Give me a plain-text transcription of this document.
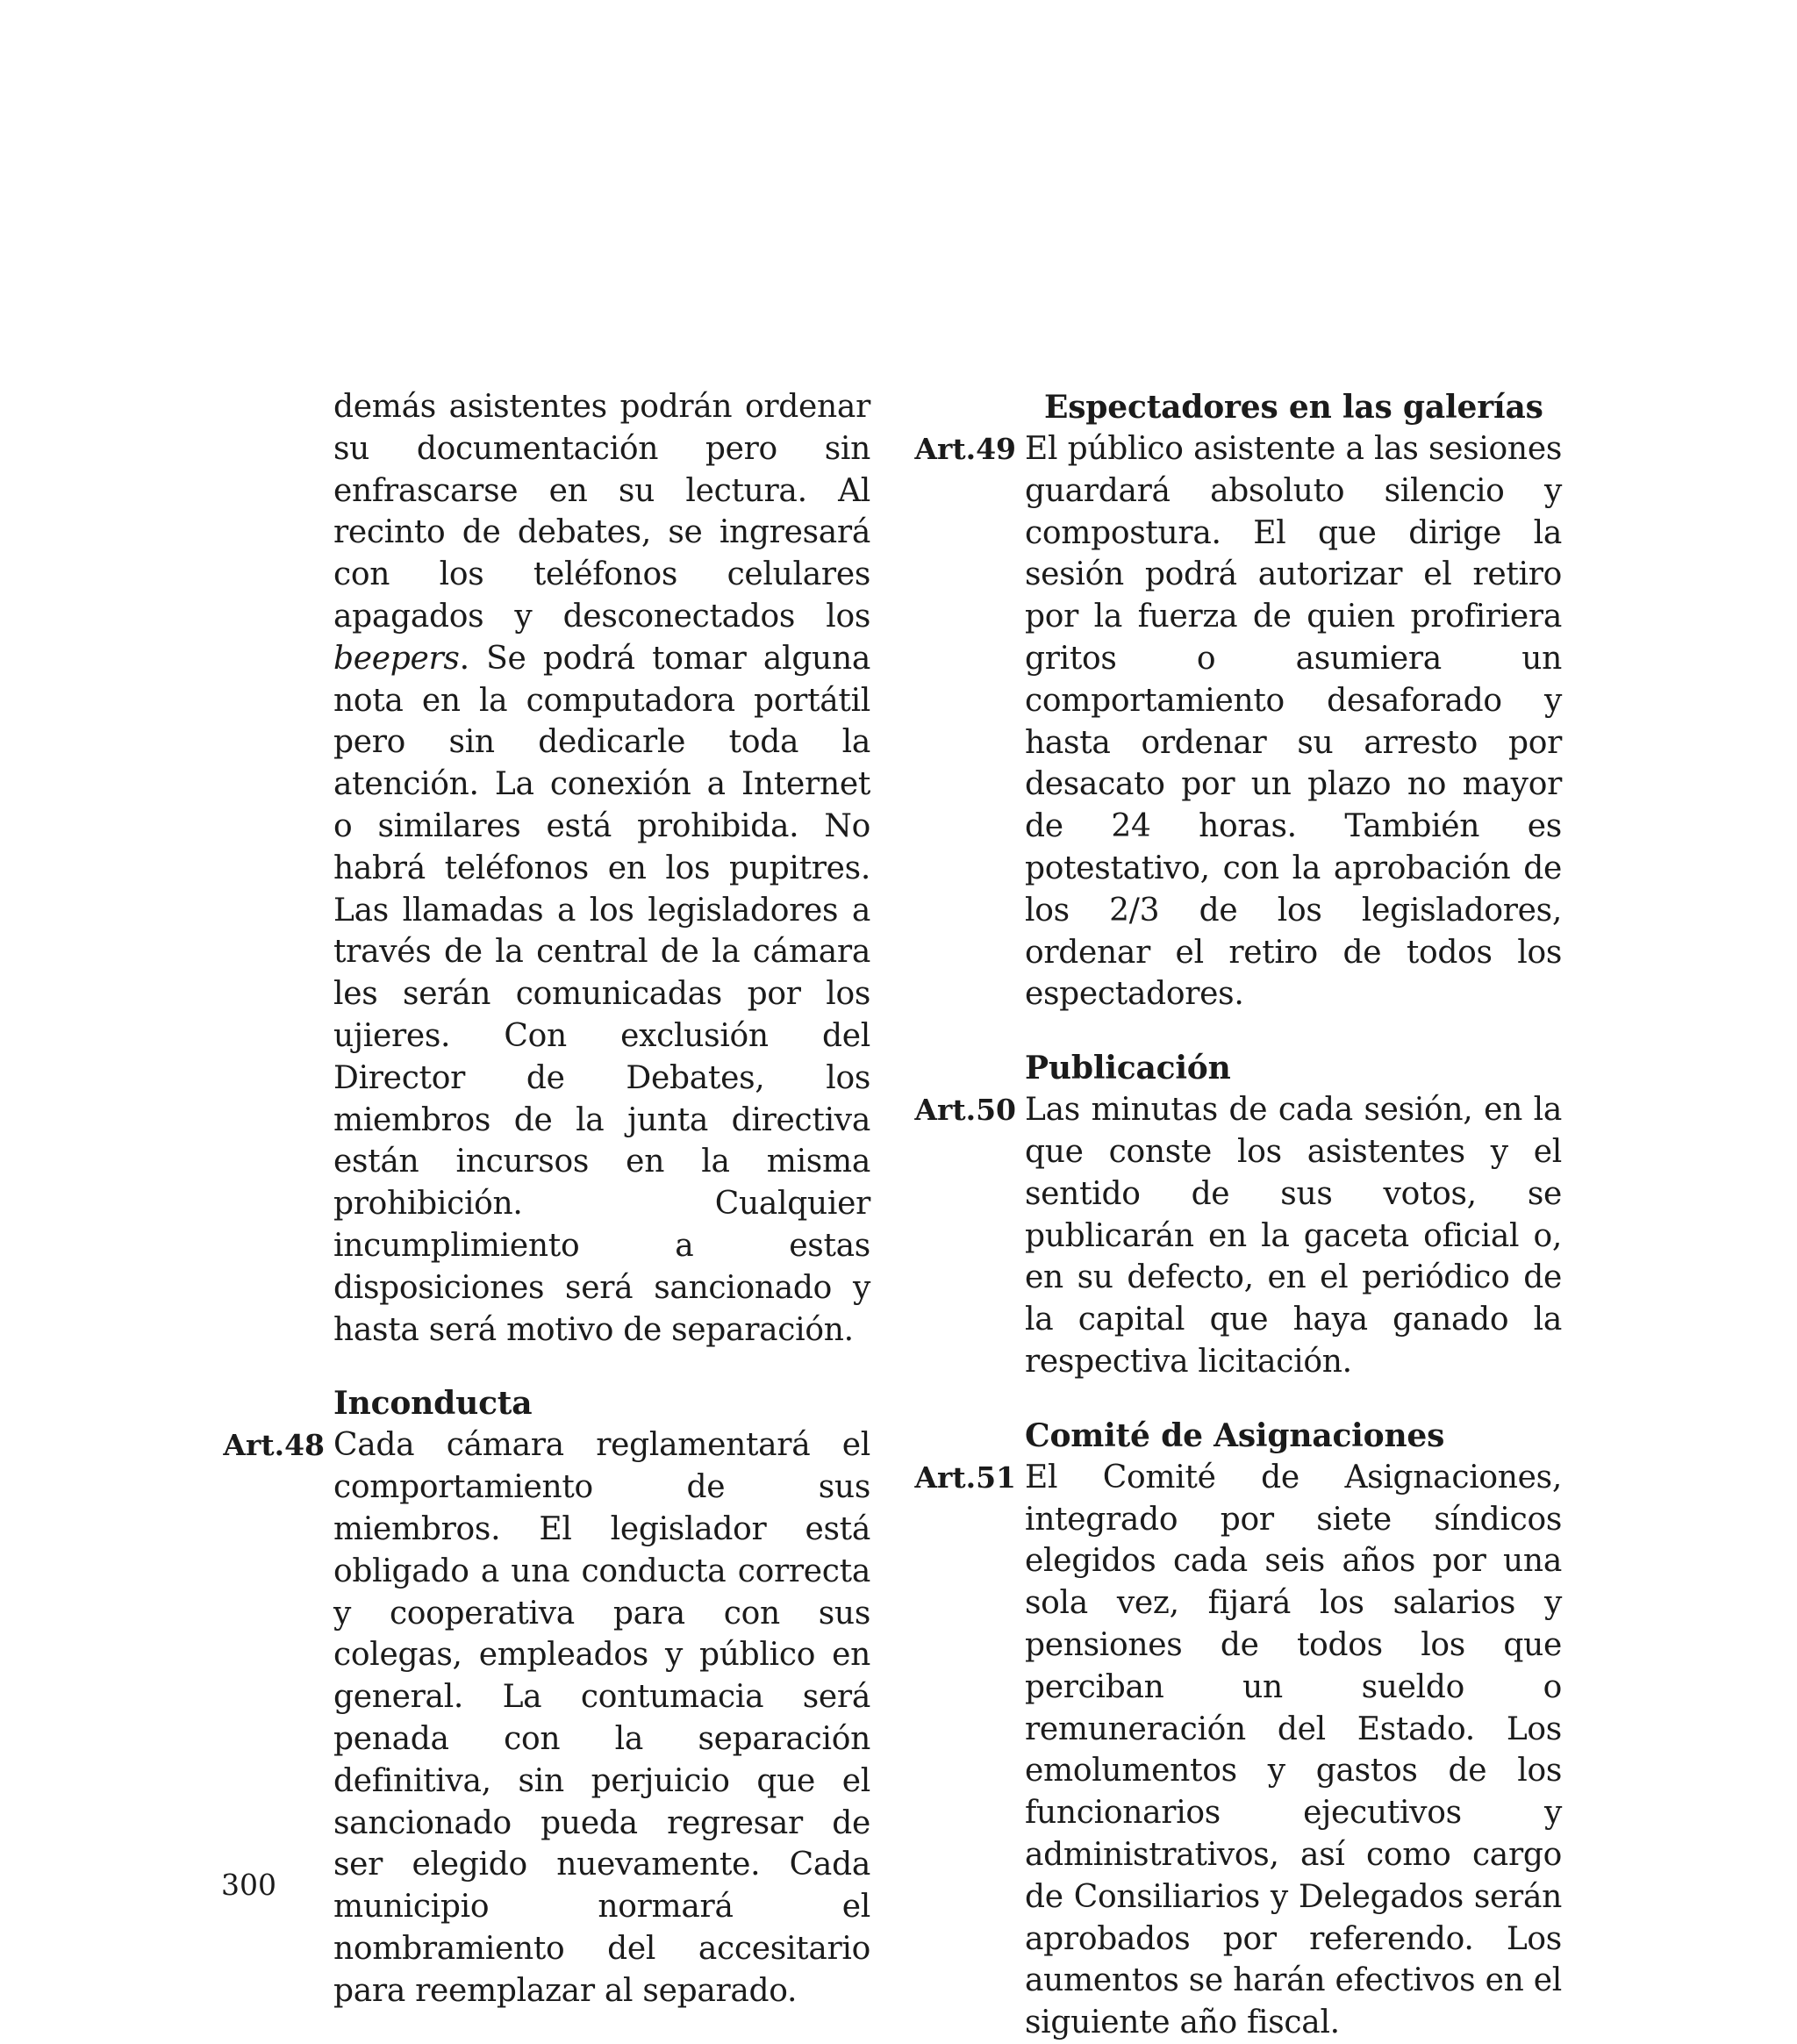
demás asistentes podrán ordenar su documentación pero sin enfrascarse en su lectura. Al recinto de debates, se ingresará con los teléfonos celulares apagados y desconectados los beepers. Se podrá tomar alguna nota en la computadora portátil pero sin dedicarle toda la atención. La conexión a Internet o similares está prohibida. No habrá teléfonos en los pupitres. Las llamadas a los legisladores a través de la central de la cámara les serán comunicadas por los ujieres. Con exclusión del Director de Debates, los miembros de la junta directiva están incursos en la misma prohibición. Cualquier incumplimiento a estas disposiciones será sancionado y hasta será motivo de separación.

Inconducta
Art.48 Cada cámara reglamentará el comportamiento de sus miembros. El legislador está obligado a una conducta correcta y cooperativa para con sus colegas, empleados y público en general. La contumacia será penada con la separación definitiva, sin perjuicio que el sancionado pueda regresar de ser elegido nuevamente. Cada municipio normará el nombramiento del accesitario para reemplazar al separado.

Espectadores en las galerías
Art.49 El público asistente a las sesiones guardará absoluto silencio y compostura. El que dirige la sesión podrá autorizar el retiro por la fuerza de quien profiriera gritos o asumiera un comportamiento desaforado y hasta ordenar su arresto por desacato por un plazo no mayor de 24 horas. También es potestativo, con la aprobación de los 2/3 de los legisladores, ordenar el retiro de todos los espectadores.

Publicación
Art.50 Las minutas de cada sesión, en la que conste los asistentes y el sentido de sus votos, se publicarán en la gaceta oficial o, en su defecto, en el periódico de la capital que haya ganado la respectiva licitación.

Comité de Asignaciones
Art.51 El Comité de Asignaciones, integrado por siete síndicos elegidos cada seis años por una sola vez, fijará los salarios y pensiones de todos los que perciban un sueldo o remuneración del Estado. Los emolumentos y gastos de los funcionarios ejecutivos y administrativos, así como cargo de Consiliarios y Delegados serán aprobados por referendo. Los aumentos se harán efectivos en el siguiente año fiscal.

300
